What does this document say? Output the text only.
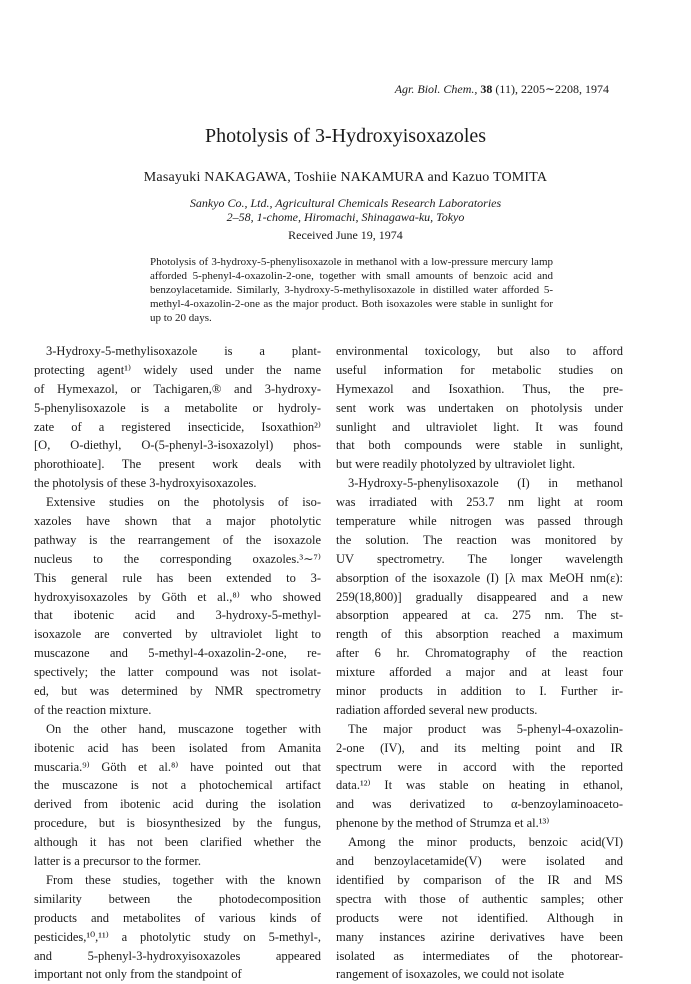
Agr. Biol. Chem., 38 (11), 2205∼2208, 1974
Photolysis of 3-Hydroxyisoxazoles
Masayuki NAKAGAWA, Toshiie NAKAMURA and Kazuo TOMITA
Sankyo Co., Ltd., Agricultural Chemicals Research Laboratories
2–58, 1-chome, Hiromachi, Shinagawa-ku, Tokyo
Received June 19, 1974
Photolysis of 3-hydroxy-5-phenylisoxazole in methanol with a low-pressure mercury lamp afforded 5-phenyl-4-oxazolin-2-one, together with small amounts of benzoic acid and benzoylacetamide. Similarly, 3-hydroxy-5-methylisoxazole in distilled water afforded 5-methyl-4-oxazolin-2-one as the major product. Both isoxazoles were stable in sunlight for up to 20 days.
3-Hydroxy-5-methylisoxazole is a plant-
protecting agent¹⁾ widely used under the name
of Hymexazol, or Tachigaren,® and 3-hydroxy-
5-phenylisoxazole is a metabolite or hydroly-
zate of a registered insecticide, Isoxathion²⁾
[O, O-diethyl, O-(5-phenyl-3-isoxazolyl) phos-
phorothioate]. The present work deals with
the photolysis of these 3-hydroxyisoxazoles.
Extensive studies on the photolysis of iso-
xazoles have shown that a major photolytic
pathway is the rearrangement of the isoxazole
nucleus to the corresponding oxazoles.³∼⁷⁾
This general rule has been extended to 3-
hydroxyisoxazoles by Göth et al.,⁸⁾ who showed
that ibotenic acid and 3-hydroxy-5-methyl-
isoxazole are converted by ultraviolet light to
muscazone and 5-methyl-4-oxazolin-2-one, re-
spectively; the latter compound was not isolat-
ed, but was determined by NMR spectrometry
of the reaction mixture.
On the other hand, muscazone together with
ibotenic acid has been isolated from Amanita
muscaria.⁹⁾ Göth et al.⁸⁾ have pointed out that
the muscazone is not a photochemical artifact
derived from ibotenic acid during the isolation
procedure, but is biosynthesized by the fungus,
although it has not been clarified whether the
latter is a precursor to the former.
From these studies, together with the known
similarity between the photodecomposition
products and metabolites of various kinds of
pesticides,¹⁰,¹¹⁾ a photolytic study on 5-methyl-,
and 5-phenyl-3-hydroxyisoxazoles appeared
important not only from the standpoint of
environmental toxicology, but also to afford
useful information for metabolic studies on
Hymexazol and Isoxathion. Thus, the pre-
sent work was undertaken on photolysis under
sunlight and ultraviolet light. It was found
that both compounds were stable in sunlight,
but were readily photolyzed by ultraviolet light.
3-Hydroxy-5-phenylisoxazole (I) in methanol
was irradiated with 253.7 nm light at room
temperature while nitrogen was passed through
the solution. The reaction was monitored by
UV spectrometry. The longer wavelength
absorption of the isoxazole (I) [λ max MeOH nm(ε):
259(18,800)] gradually disappeared and a new
absorption appeared at ca. 275 nm. The st-
rength of this absorption reached a maximum
after 6 hr. Chromatography of the reaction
mixture afforded a major and at least four
minor products in addition to I. Further ir-
radiation afforded several new products.
The major product was 5-phenyl-4-oxazolin-
2-one (IV), and its melting point and IR
spectrum were in accord with the reported
data.¹²⁾ It was stable on heating in ethanol,
and was derivatized to α-benzoylaminoaceto-
phenone by the method of Strumza et al.¹³⁾
Among the minor products, benzoic acid(VI)
and benzoylacetamide(V) were isolated and
identified by comparison of the IR and MS
spectra with those of authentic samples; other
products were not identified. Although in
many instances azirine derivatives have been
isolated as intermediates of the photorear-
rangement of isoxazoles, we could not isolate
